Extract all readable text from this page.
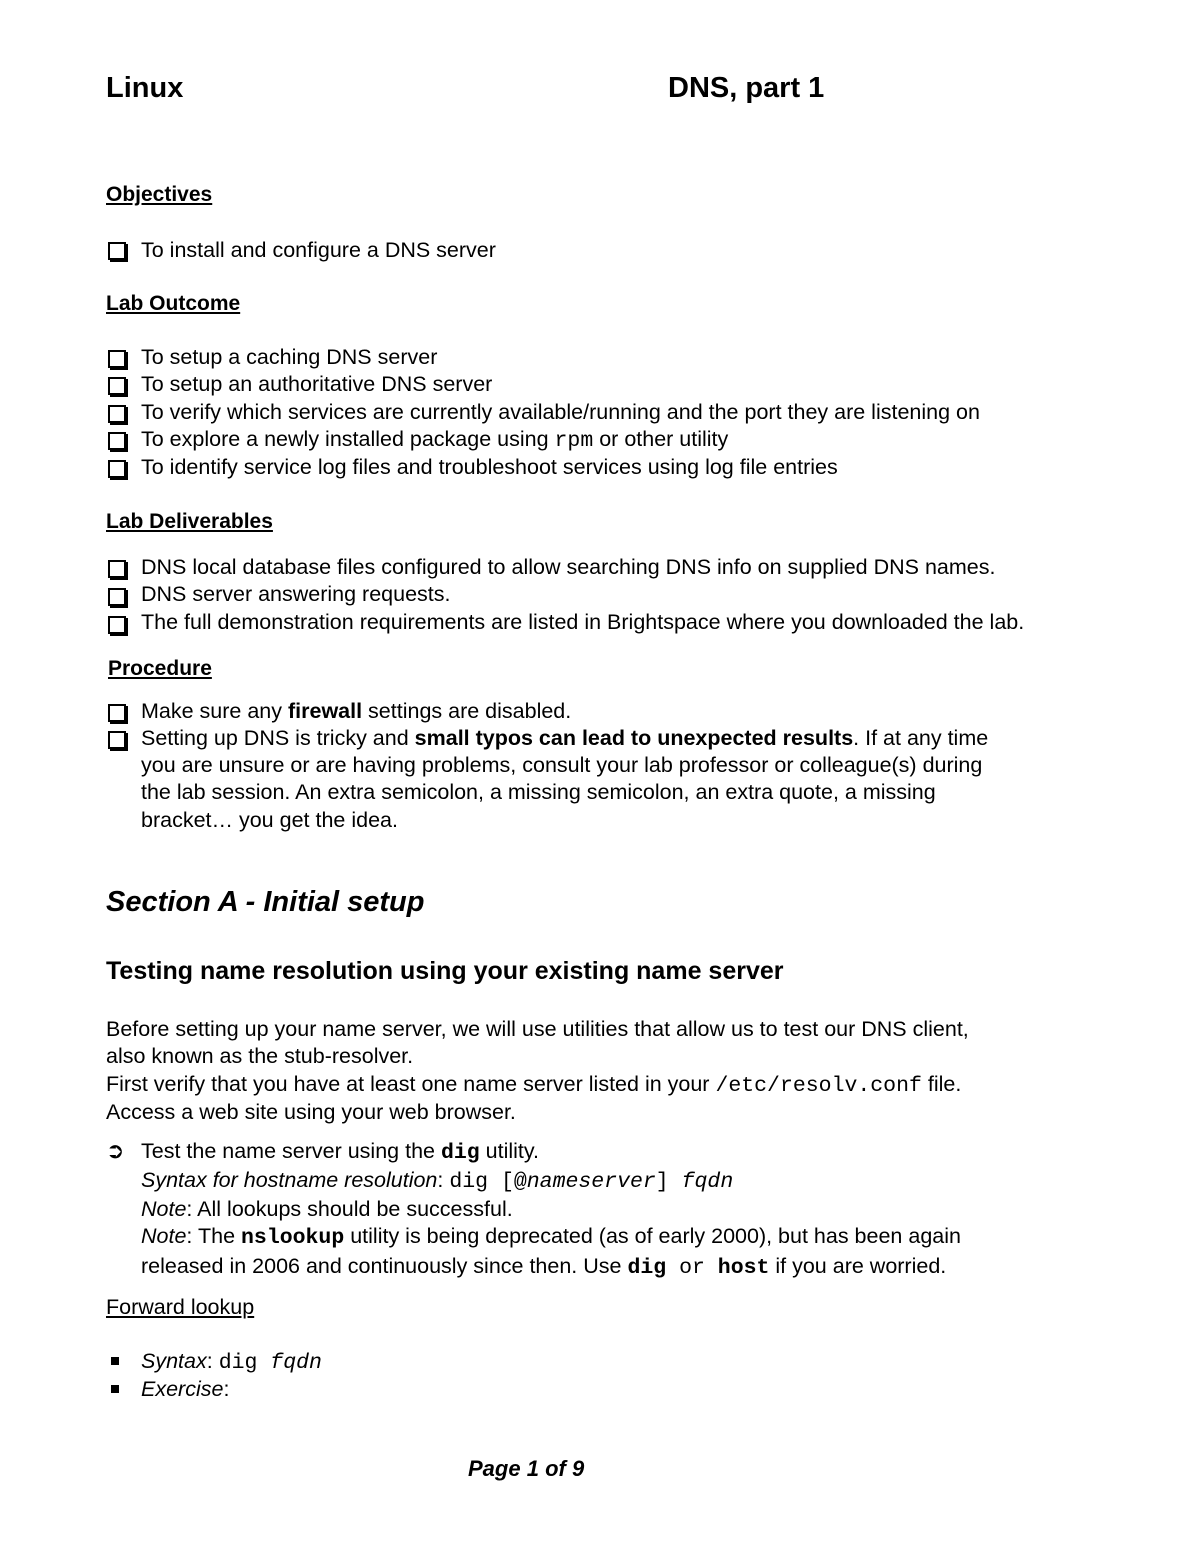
Linux	DNS, part 1
Objectives
To install and configure a DNS server
Lab Outcome
To setup a caching DNS server
To setup an authoritative DNS server
To verify which services are currently available/running and the port they are listening on
To explore a newly installed package using rpm or other utility
To identify service log files and troubleshoot services using log file entries
Lab Deliverables
DNS local database files configured to allow searching DNS info on supplied DNS names.
DNS server answering requests.
The full demonstration requirements are listed in Brightspace where you downloaded the lab.
Procedure
Make sure any firewall settings are disabled.
Setting up DNS is tricky and small typos can lead to unexpected results. If at any time
you are unsure or are having problems, consult your lab professor or colleague(s) during
the lab session. An extra semicolon, a missing semicolon, an extra quote, a missing
bracket… you get the idea.
Section A - Initial setup
Testing name resolution using your existing name server
Before setting up your name server, we will use utilities that allow us to test our DNS client,
also known as the stub-resolver.
First verify that you have at least one name server listed in your /etc/resolv.conf file.
Access a web site using your web browser.
➲ Test the name server using the dig utility.
Syntax for hostname resolution: dig [@nameserver] fqdn
Note: All lookups should be successful.
Note: The nslookup utility is being deprecated (as of early 2000), but has been again
released in 2006 and continuously since then. Use dig or host if you are worried.
Forward lookup
Syntax: dig fqdn
Exercise:
Page 1 of 9
